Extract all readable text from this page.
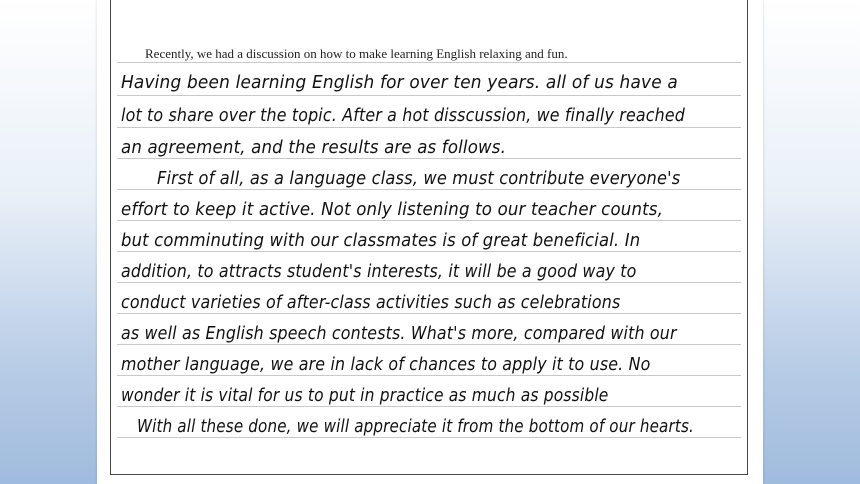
Recently, we had a discussion on how to make learning English relaxing and fun.
Having been learning English for over ten years. all of us have a
lot to share over the topic. After a hot disscussion, we finally reached
an agreement, and the results are as follows.
First of all, as a language class, we must contribute everyone's
effort to keep it active. Not only listening to our teacher counts,
but comminuting with our classmates is of great beneficial. In
addition, to attracts student's interests, it will be a good way to
conduct varieties of after-class activities such as celebrations
as well as English speech contests. What's more, compared with our
mother language, we are in lack of chances to apply it to use. No
wonder it is vital for us to put in practice as much as possible
With all these done, we will appreciate it from the bottom of our hearts.
